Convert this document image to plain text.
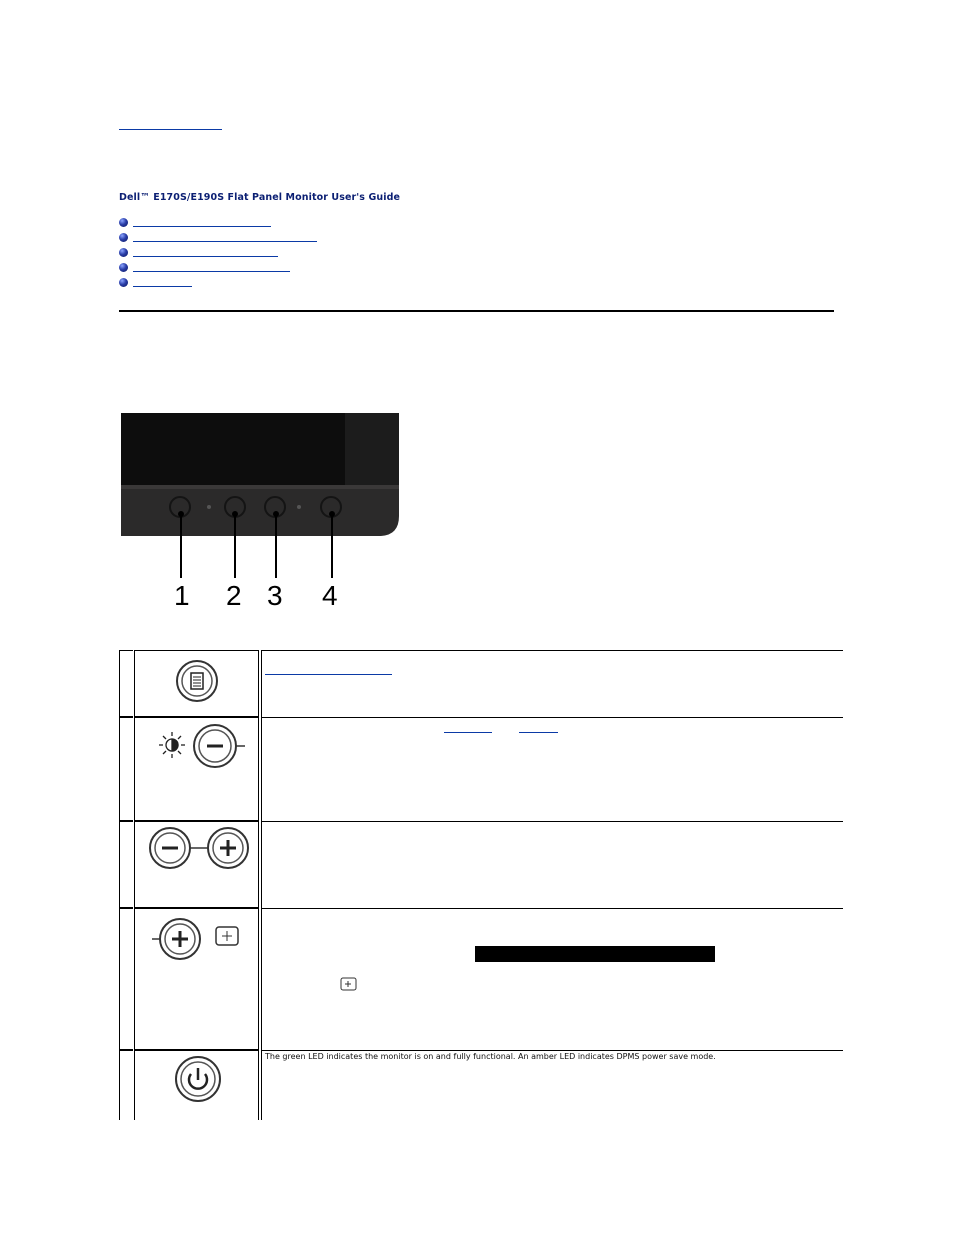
Dell™ E170S/E190S Flat Panel Monitor User's Guide
1 2 3 4
The green LED indicates the monitor is on and fully functional. An amber LED indicates DPMS power save mode.
